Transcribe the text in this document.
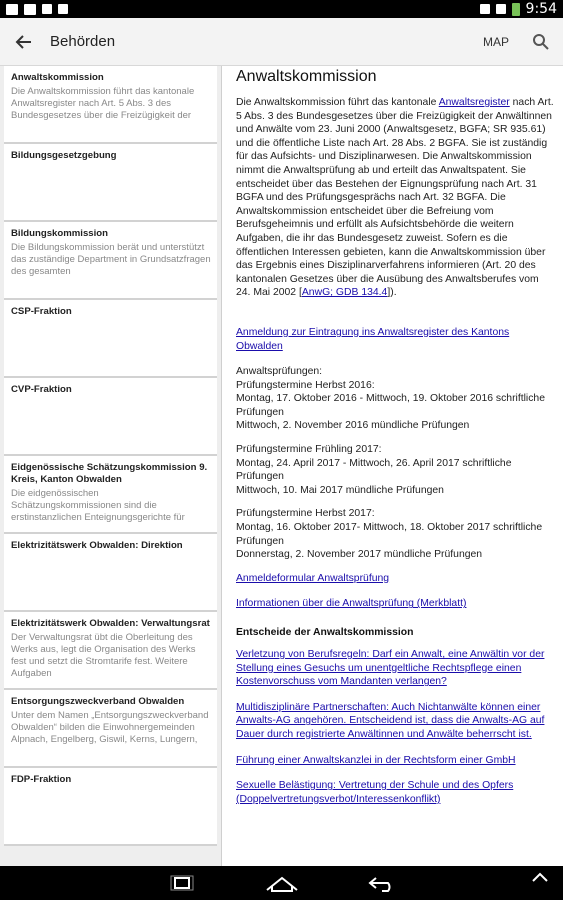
9:54
Behörden	MAP
Anwaltskommission
Die Anwaltskommission führt das kantonale Anwaltsregister nach Art. 5 Abs. 3 des Bundesgesetzes über die Freizügigkeit der
Bildungsgesetzgebung
Bildungskommission
Die Bildungskommission berät und unterstützt das zuständige Department in Grundsatzfragen des gesamten
CSP-Fraktion
CVP-Fraktion
Eidgenössische Schätzungskommission 9. Kreis, Kanton Obwalden
Die eidgenössischen Schätzungskommissionen sind die erstinstanzlichen Enteignungsgerichte für
Elektrizitätswerk Obwalden: Direktion
Elektrizitätswerk Obwalden: Verwaltungsrat
Der Verwaltungsrat übt die Oberleitung des Werks aus, legt die Organisation des Werks fest und setzt die Stromtarife fest. Weitere Aufgaben
Entsorgungszweckverband Obwalden
Unter dem Namen „Entsorgungszweckverband Obwalden“ bilden die Einwohnergemeinden Alpnach, Engelberg, Giswil, Kerns, Lungern,
FDP-Fraktion
Anwaltskommission
Die Anwaltskommission führt das kantonale Anwaltsregister nach Art. 5 Abs. 3 des Bundesgesetzes über die Freizügigkeit der Anwältinnen und Anwälte vom 23. Juni 2000 (Anwaltsgesetz, BGFA; SR 935.61) und die öffentliche Liste nach Art. 28 Abs. 2 BGFA. Sie ist zuständig für das Aufsichts- und Disziplinarwesen. Die Anwaltskommission nimmt die Anwaltsprüfung ab und erteilt das Anwaltspatent. Sie entscheidet über das Bestehen der Eignungsprüfung nach Art. 31 BGFA und des Prüfungsgesprächs nach Art. 32 BGFA. Die Anwaltskommission entscheidet über die Befreiung vom Berufsgeheimnis und erfüllt als Aufsichtsbehörde die weitern Aufgaben, die ihr das Bundesgesetz zuweist. Sofern es die öffentlichen Interessen gebieten, kann die Anwaltskommission über das Ergebnis eines Disziplinarverfahrens informieren (Art. 20 des kantonalen Gesetzes über die Ausübung des Anwaltsberufes vom 24. Mai 2002 [AnwG; GDB 134.4]).
Anmeldung zur Eintragung ins Anwaltsregister des Kantons Obwalden
Anwaltsprüfungen:
Prüfungstermine Herbst 2016:
Montag, 17. Oktober 2016 - Mittwoch, 19. Oktober 2016 schriftliche Prüfungen
Mittwoch, 2. November 2016 mündliche Prüfungen
Prüfungstermine Frühling 2017:
Montag, 24. April 2017 - Mittwoch, 26. April 2017 schriftliche Prüfungen
Mittwoch, 10. Mai 2017 mündliche Prüfungen
Prüfungstermine Herbst 2017:
Montag, 16. Oktober 2017- Mittwoch, 18. Oktober 2017 schriftliche Prüfungen
Donnerstag, 2. November 2017 mündliche Prüfungen
Anmeldeformular Anwaltsprüfung
Informationen über die Anwaltsprüfung (Merkblatt)
Entscheide der Anwaltskommission
Verletzung von Berufsregeln: Darf ein Anwalt, eine Anwältin vor der Stellung eines Gesuchs um unentgeltliche Rechtspflege einen Kostenvorschuss vom Mandanten verlangen?
Multidisziplinäre Partnerschaften: Auch Nichtanwälte können einer Anwalts-AG angehören. Entscheidend ist, dass die Anwalts-AG auf Dauer durch registrierte Anwältinnen und Anwälte beherrscht ist.
Führung einer Anwaltskanzlei in der Rechtsform einer GmbH
Sexuelle Belästigung: Vertretung der Schule und des Opfers (Doppelvertretungsverbot/Interessenkonflikt)
